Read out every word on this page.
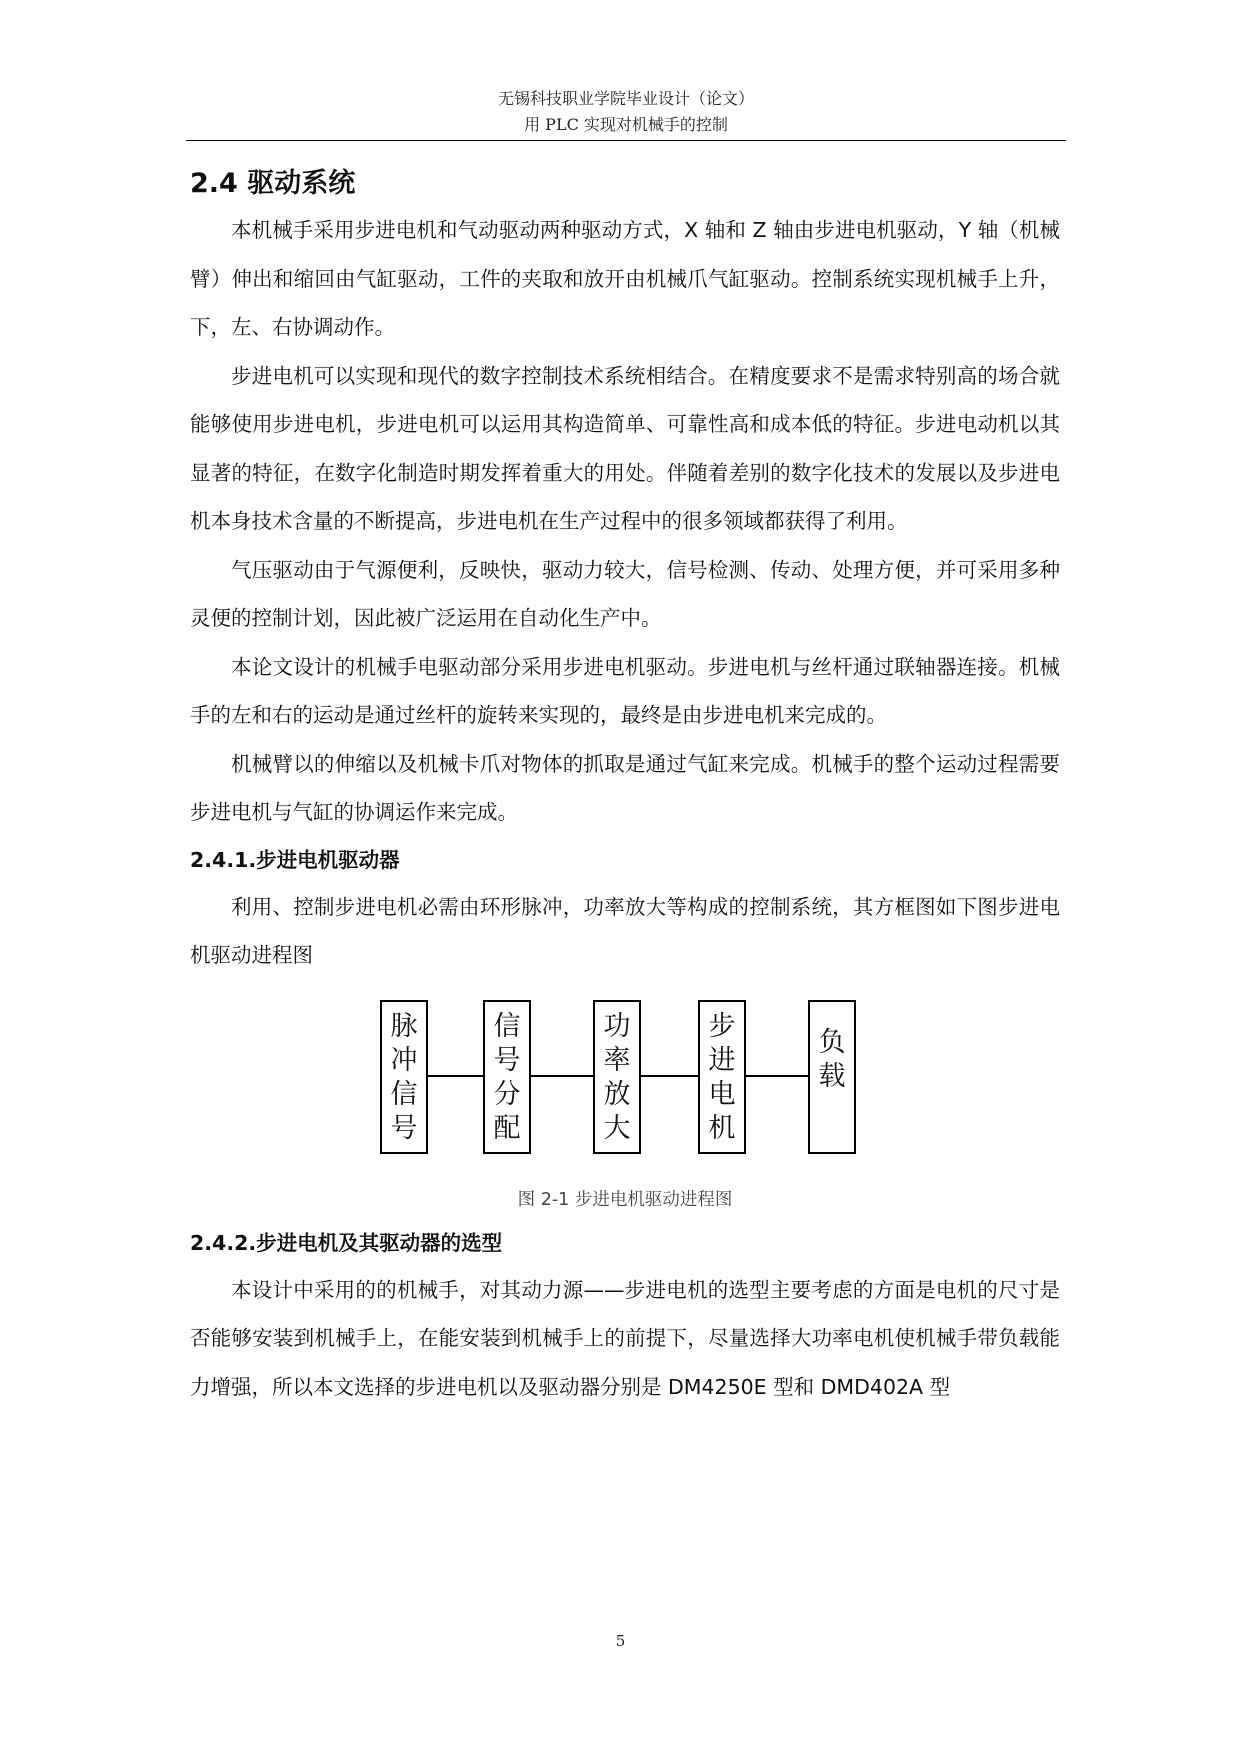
无锡科技职业学院毕业设计（论文）
用 PLC 实现对机械手的控制
2.4 驱动系统

本机械手采用步进电机和气动驱动两种驱动方式，X 轴和 Z 轴由步进电机驱动，Y 轴（机械臂）伸出和缩回由气缸驱动，工件的夹取和放开由机械爪气缸驱动。控制系统实现机械手上升，下，左、右协调动作。

步进电机可以实现和现代的数字控制技术系统相结合。在精度要求不是需求特别高的场合就能够使用步进电机，步进电机可以运用其构造简单、可靠性高和成本低的特征。步进电动机以其显著的特征，在数字化制造时期发挥着重大的用处。伴随着差别的数字化技术的发展以及步进电机本身技术含量的不断提高，步进电机在生产过程中的很多领域都获得了利用。

气压驱动由于气源便利，反映快，驱动力较大，信号检测、传动、处理方便，并可采用多种灵便的控制计划，因此被广泛运用在自动化生产中。

本论文设计的机械手电驱动部分采用步进电机驱动。步进电机与丝杆通过联轴器连接。机械手的左和右的运动是通过丝杆的旋转来实现的，最终是由步进电机来完成的。

机械臂以的伸缩以及机械卡爪对物体的抓取是通过气缸来完成。机械手的整个运动过程需要步进电机与气缸的协调运作来完成。

2.4.1.步进电机驱动器

利用、控制步进电机必需由环形脉冲，功率放大等构成的控制系统，其方框图如下图步进电机驱动进程图

脉
冲
信
号
信
号
分
配
功
率
放
大
步
进
电
机
负
载

图 2-1 步进电机驱动进程图

2.4.2.步进电机及其驱动器的选型

本设计中采用的的机械手，对其动力源——步进电机的选型主要考虑的方面是电机的尺寸是否能够安装到机械手上，在能安装到机械手上的前提下，尽量选择大功率电机使机械手带负载能力增强，所以本文选择的步进电机以及驱动器分别是 DM4250E 型和 DMD402A 型

5
